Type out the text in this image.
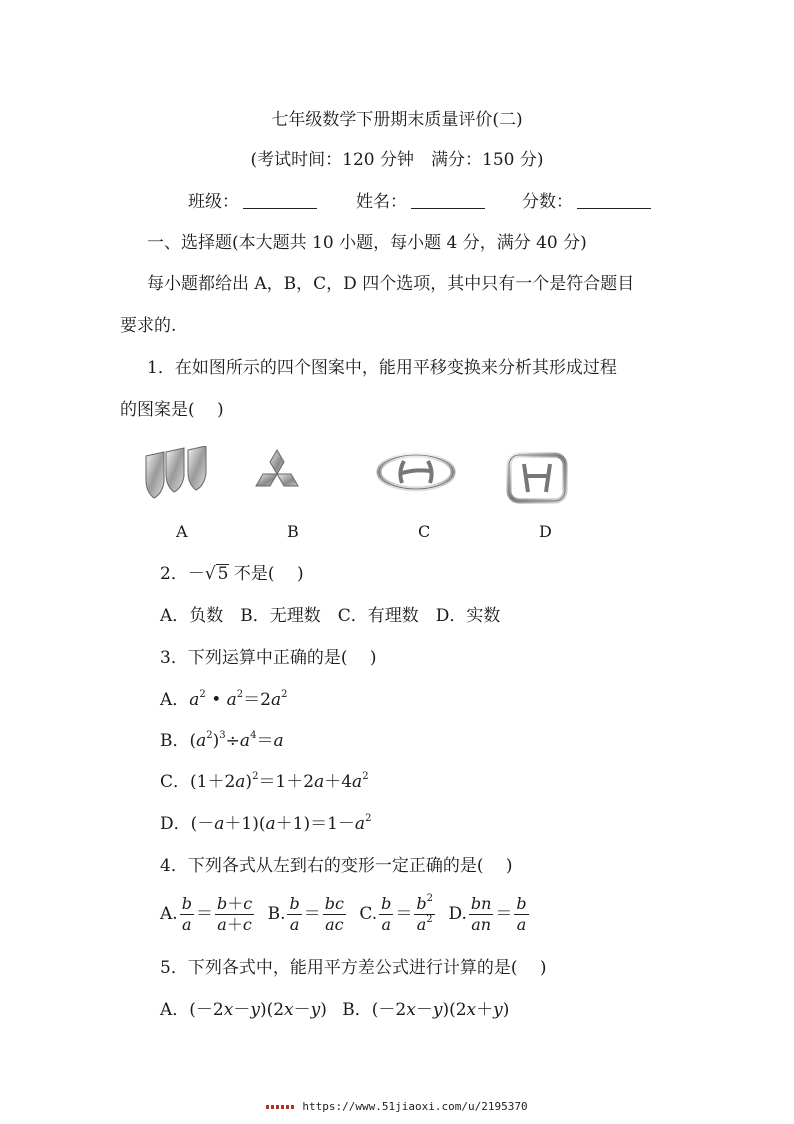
七年级数学下册期末质量评价(二)
(考试时间：120 分钟　满分：150 分)
班级：	姓名：	分数：
一、选择题(本大题共 10 小题，每小题 4 分，满分 40 分)
每小题都给出 A，B，C，D 四个选项，其中只有一个是符合题目
要求的.
1．在如图所示的四个图案中，能用平移变换来分析其形成过程
的图案是(　 )
A	B	C	D
2．－√ 5 不是(　 )
A．负数　B．无理数　C．有理数　D．实数
3．下列运算中正确的是(　 )
A．$a^2$ • $a^2=2a^2$
B．$(a^2)^3\div a^4=a$
C．$(1+2a)^2=1+2a+4a^2$
D．$(-a+1)(a+1)=1-a^2$
4．下列各式从左到右的变形一定正确的是(　 )
A. $\frac{b}{a} = \frac{b+c}{a+c} B$. $\frac{b}{a} = \frac{bc}{ac} C$. $\frac{b}{a} = \frac{b^2}{a^2} D$. $\frac{bn}{an} = \frac{b}{a}$
5．下列各式中，能用平方差公式进行计算的是(　 )
A．(－2x－y)(2x－y) B．(－2x－y)(2x＋y)
https://www.51jiaoxi.com/u/2195370
